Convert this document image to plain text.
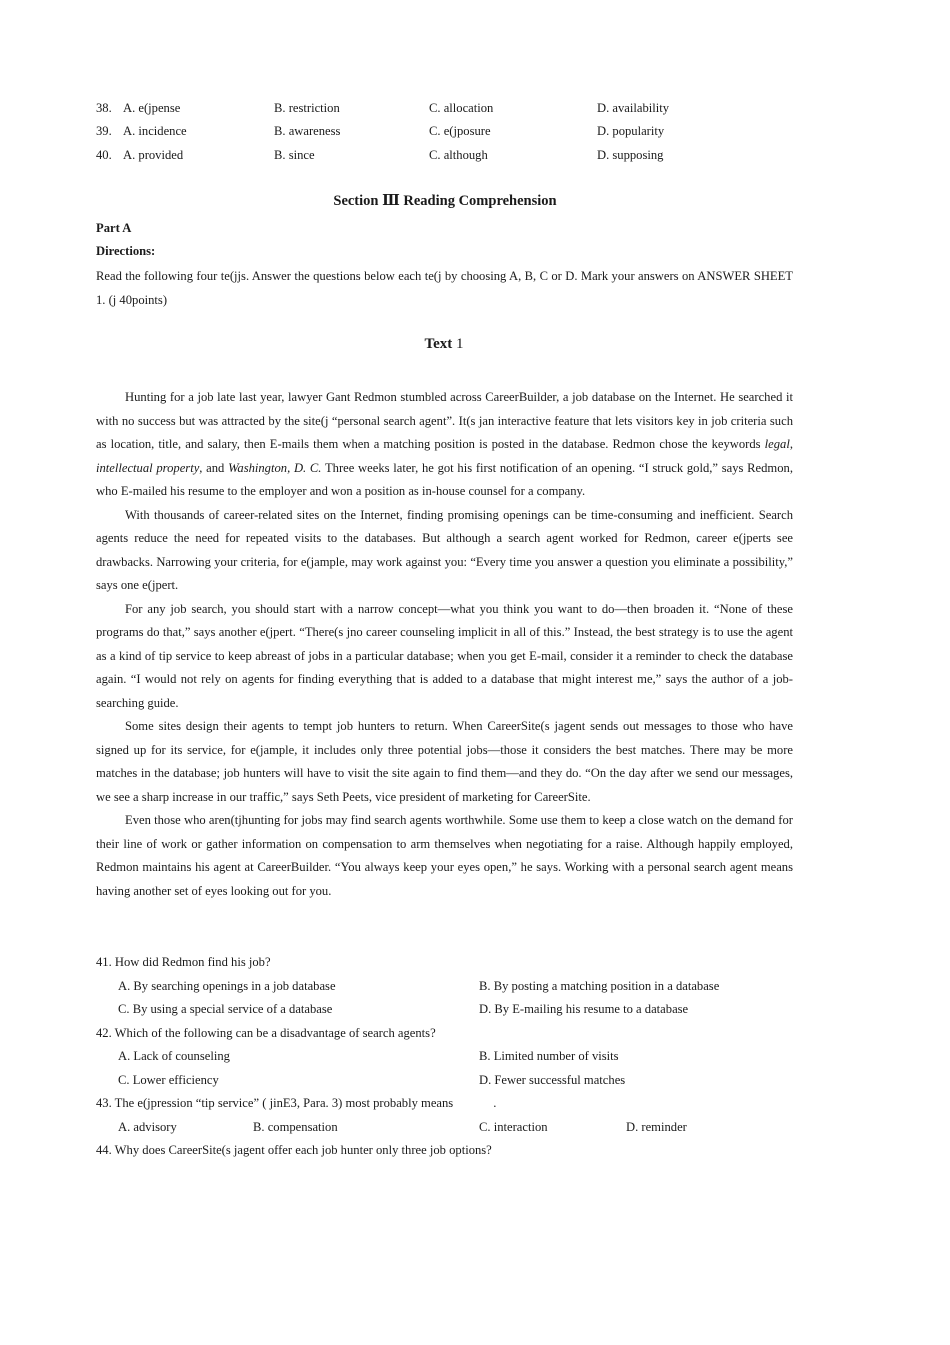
38. A. e(jpense	B. restriction	C. allocation	D. availability
39. A. incidence	B. awareness	C. e(jposure	D. popularity
40. A. provided	B. since	C. although	D. supposing
Section Ⅲ Reading Comprehension
Part A
Directions:

Read the following four te(jjs. Answer the questions below each te(j by choosing A, B, C or D. Mark your answers on ANSWER SHEET 1. (j 40points)

Text 1

Hunting for a job late last year, lawyer Gant Redmon stumbled across CareerBuilder, a job database on the Internet. He searched it with no success but was attracted by the site(j “personal search agent”. It(s jan interactive feature that lets visitors key in job criteria such as location, title, and salary, then E-mails them when a matching position is posted in the database. Redmon chose the keywords legal, intellectual property, and Washington, D. C. Three weeks later, he got his first notification of an opening. “I struck gold,” says Redmon, who E-mailed his resume to the employer and won a position as in-house counsel for a company.

With thousands of career-related sites on the Internet, finding promising openings can be time-consuming and inefficient. Search agents reduce the need for repeated visits to the databases. But although a search agent worked for Redmon, career e(jperts see drawbacks. Narrowing your criteria, for e(jample, may work against you: “Every time you answer a question you eliminate a possibility,” says one e(jpert.

For any job search, you should start with a narrow concept—what you think you want to do—then broaden it. “None of these programs do that,” says another e(jpert. “There(s jno career counseling implicit in all of this.” Instead, the best strategy is to use the agent as a kind of tip service to keep abreast of jobs in a particular database; when you get E-mail, consider it a reminder to check the database again. “I would not rely on agents for finding everything that is added to a database that might interest me,” says the author of a job-searching guide.

Some sites design their agents to tempt job hunters to return. When CareerSite(s jagent sends out messages to those who have signed up for its service, for e(jample, it includes only three potential jobs—those it considers the best matches. There may be more matches in the database; job hunters will have to visit the site again to find them—and they do. “On the day after we send our messages, we see a sharp increase in our traffic,” says Seth Peets, vice president of marketing for CareerSite.

Even those who aren(tjhunting for jobs may find search agents worthwhile. Some use them to keep a close watch on the demand for their line of work or gather information on compensation to arm themselves when negotiating for a raise. Although happily employed, Redmon maintains his agent at CareerBuilder. “You always keep your eyes open,” he says. Working with a personal search agent means having another set of eyes looking out for you.

41. How did Redmon find his job?
A. By searching openings in a job database	B. By posting a matching position in a database
C. By using a special service of a database	D. By E-mailing his resume to a database
42. Which of the following can be a disadvantage of search agents?
A. Lack of counseling	B. Limited number of visits
C. Lower efficiency	D. Fewer successful matches
43. The e(jpression “tip service” ( jinE3, Para. 3) most probably means	.
A. advisory	B. compensation	C. interaction	D. reminder
44. Why does CareerSite(s jagent offer each job hunter only three job options?
